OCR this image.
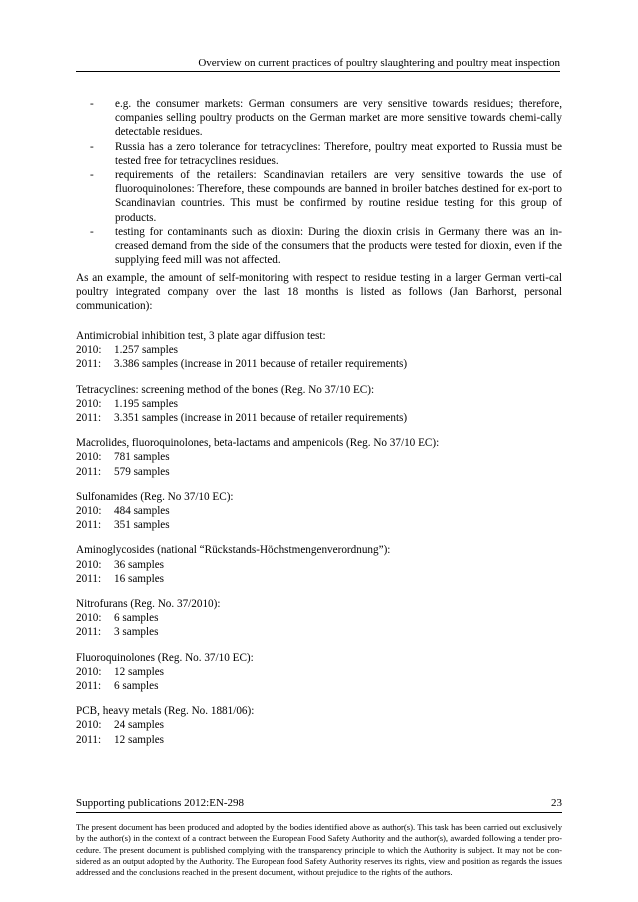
Overview on current practices of poultry slaughtering and poultry meat inspection
-	e.g. the consumer markets: German consumers are very sensitive towards residues; therefore, companies selling poultry products on the German market are more sensitive towards chemi-cally detectable residues.
-	Russia has a zero tolerance for tetracyclines: Therefore, poultry meat exported to Russia must be tested free for tetracyclines residues.
-	requirements of the retailers: Scandinavian retailers are very sensitive towards the use of fluoroquinolones: Therefore, these compounds are banned in broiler batches destined for ex-port to Scandinavian countries. This must be confirmed by routine residue testing for this group of products.
-	testing for contaminants such as dioxin: During the dioxin crisis in Germany there was an in-creased demand from the side of the consumers that the products were tested for dioxin, even if the supplying feed mill was not affected.

As an example, the amount of self-monitoring with respect to residue testing in a larger German verti-cal poultry integrated company over the last 18 months is listed as follows (Jan Barhorst, personal communication):

Antimicrobial inhibition test, 3 plate agar diffusion test:

2010:	1.257 samples
2011:	3.386 samples (increase in 2011 because of retailer requirements)

Tetracyclines: screening method of the bones (Reg. No 37/10 EC):

2010:	1.195 samples
2011:	3.351 samples (increase in 2011 because of retailer requirements)

Macrolides, fluoroquinolones, beta-lactams and ampenicols (Reg. No 37/10 EC):

2010:	781 samples
2011:	579 samples

Sulfonamides (Reg. No 37/10 EC):

2010:	484 samples
2011:	351 samples

Aminoglycosides (national “Rückstands-Höchstmengenverordnung”):

2010:	36 samples
2011:	16 samples

Nitrofurans (Reg. No. 37/2010):

2010:	6 samples
2011:	3 samples

Fluoroquinolones (Reg. No. 37/10 EC):

2010:	12 samples
2011:	6 samples

PCB, heavy metals (Reg. No. 1881/06):

2010:	24 samples
2011:	12 samples
Supporting publications 2012:EN-298	23

The present document has been produced and adopted by the bodies identified above as author(s). This task has been carried out exclusively by the author(s) in the context of a contract between the European Food Safety Authority and the author(s), awarded following a tender pro-cedure. The present document is published complying with the transparency principle to which the Authority is subject. It may not be con-sidered as an output adopted by the Authority. The European food Safety Authority reserves its rights, view and position as regards the issues addressed and the conclusions reached in the present document, without prejudice to the rights of the authors.
